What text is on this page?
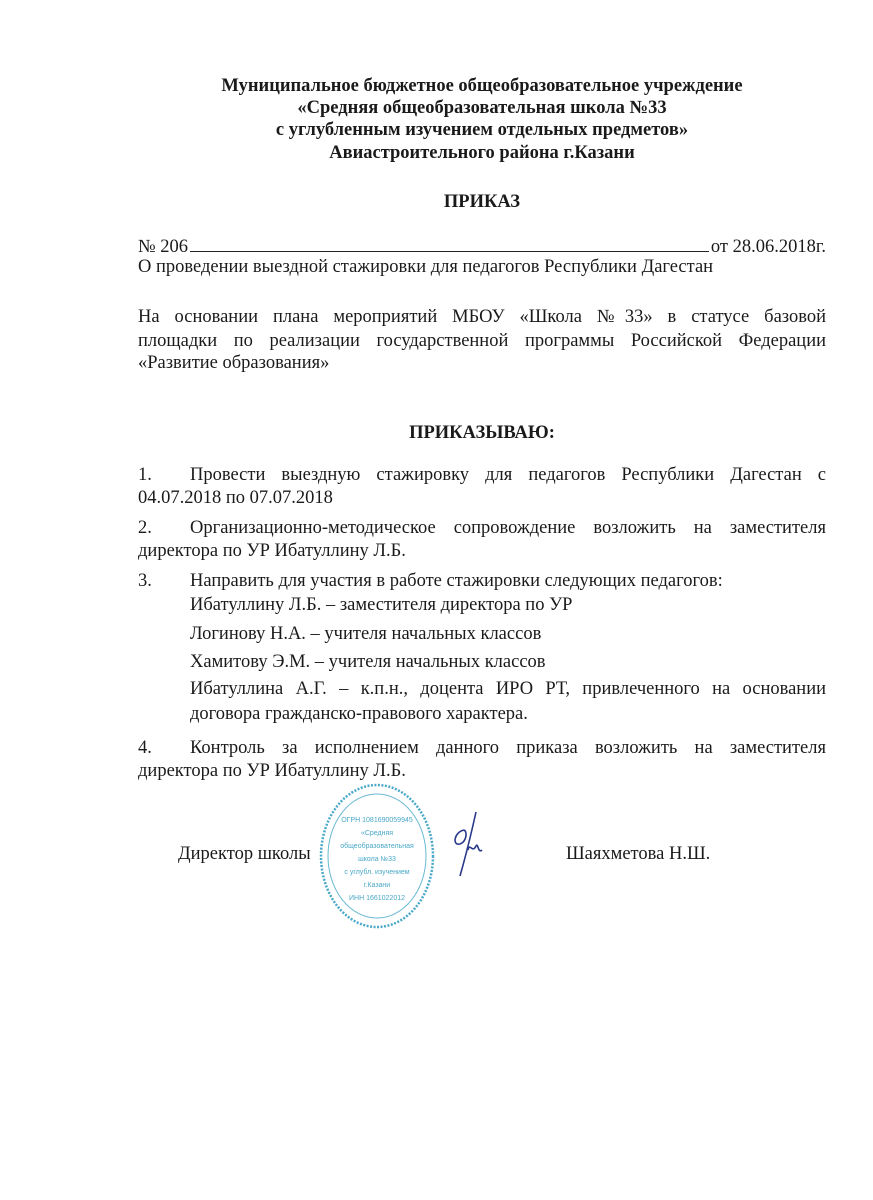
Муниципальное бюджетное общеобразовательное учреждение
«Средняя общеобразовательная школа №33
с углубленным изучением отдельных предметов»
Авиастроительного района г.Казани
ПРИКАЗ
№ 206	от 28.06.2018г.
О проведении выездной стажировки для педагогов Республики Дагестан
На основании плана мероприятий МБОУ «Школа №33» в статусе базовой
площадки по реализации государственной программы Российской Федерации
«Развитие образования»
ПРИКАЗЫВАЮ:
1. Провести выездную стажировку для педагогов Республики Дагестан с
04.07.2018 по 07.07.2018
2. Организационно-методическое сопровождение возложить на заместителя
директора по УР Ибатуллину Л.Б.
3. Направить для участия в работе стажировки следующих педагогов:
Ибатуллину Л.Б. – заместителя директора по УР
Логинову Н.А. – учителя начальных классов
Хамитову Э.М. – учителя начальных классов
Ибатуллина А.Г. – к.п.н., доцента ИРО РТ, привлеченного на основании
договора гражданско-правового характера.
4. Контроль за исполнением данного приказа возложить на заместителя
директора по УР Ибатуллину Л.Б.
ОГРН 1081690059945
«Средняя
общеобразовательная
школа №33
с углубл. изучением
г.Казани
ИНН 1661022012
Директор школы	Шаяхметова Н.Ш.
